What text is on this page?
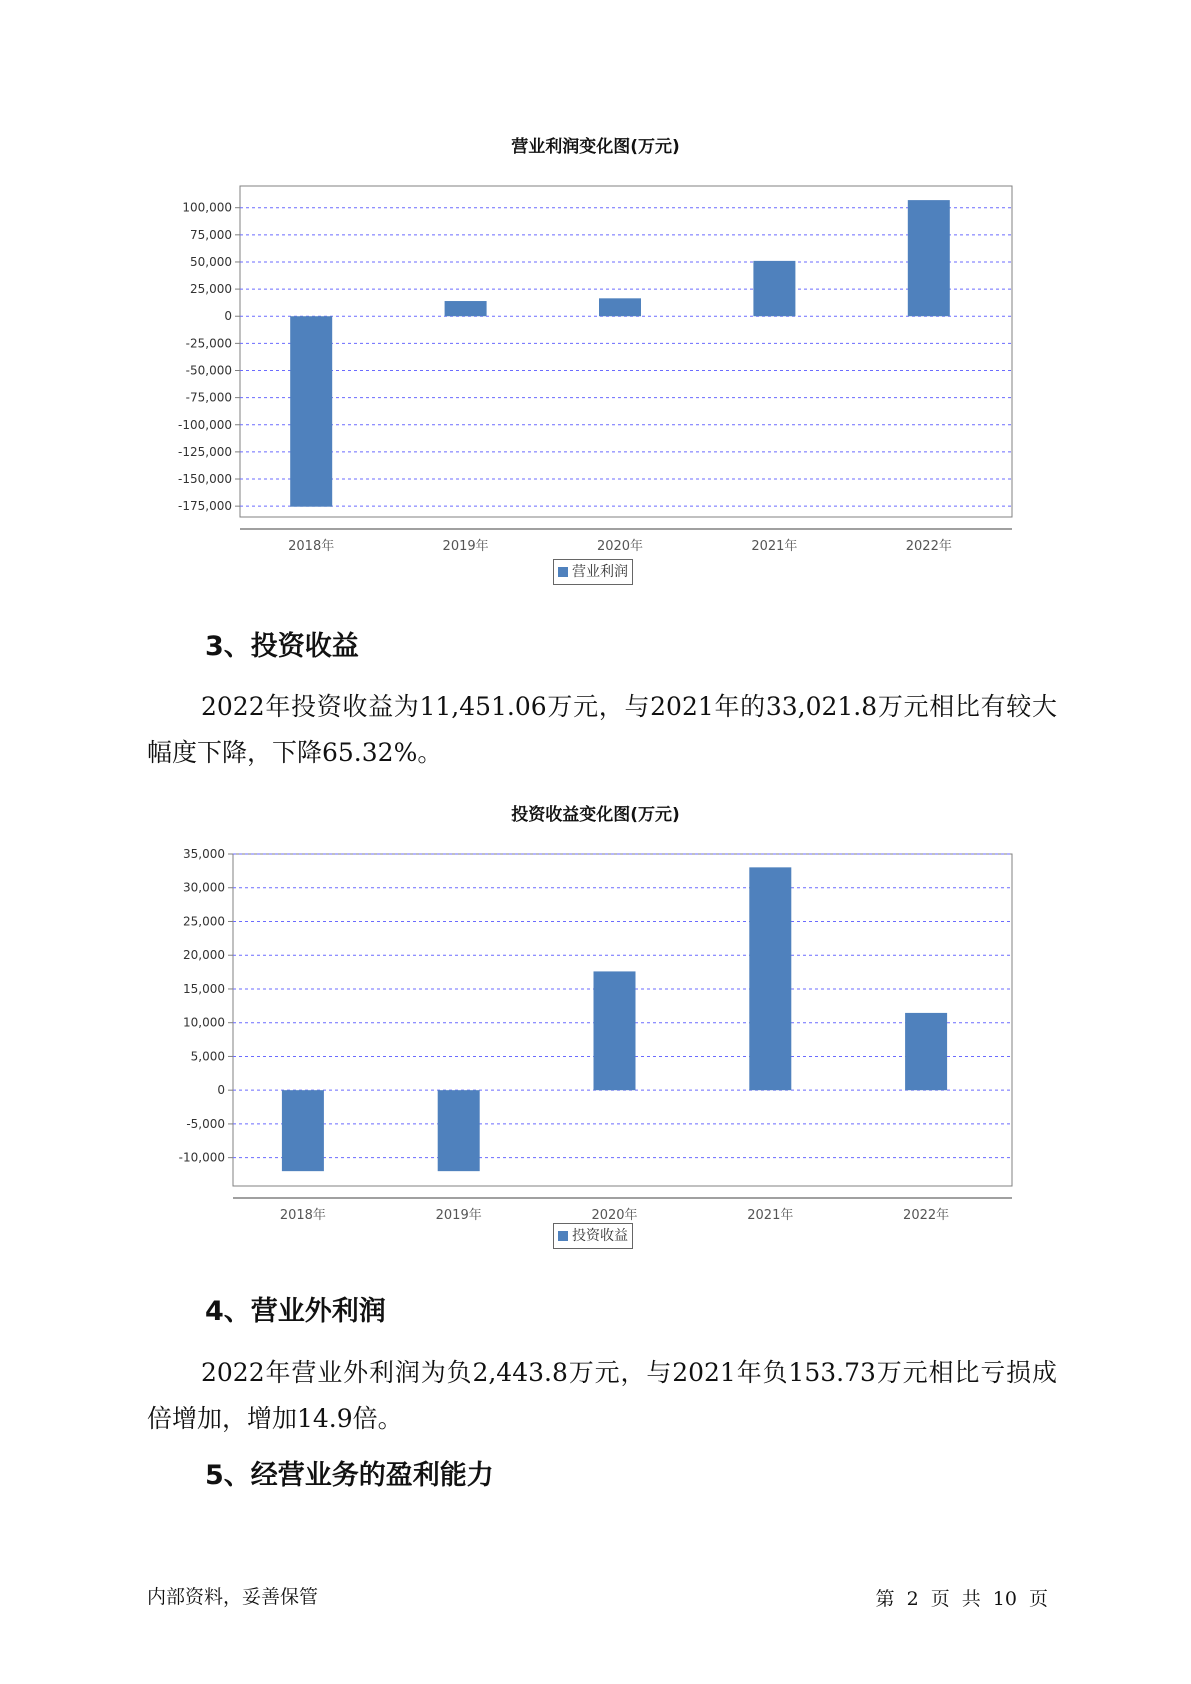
营业利润变化图(万元)
100,000
75,000
50,000
25,000
0
-25,000
-50,000
-75,000
-100,000
-125,000
-150,000
-175,000
2018年	2019年	2020年	2021年	2022年
营业利润
3、投资收益
2022年投资收益为11,451.06万元，与2021年的33,021.8万元相比有较大幅度下降，下降65.32%。
投资收益变化图(万元)
35,000
30,000
25,000
20,000
15,000
10,000
5,000
0
-5,000
-10,000
2018年	2019年	2020年	2021年	2022年
投资收益
4、营业外利润
2022年营业外利润为负2,443.8万元，与2021年负153.73万元相比亏损成倍增加，增加14.9倍。
5、经营业务的盈利能力
内部资料，妥善保管	第 2 页 共 10 页
